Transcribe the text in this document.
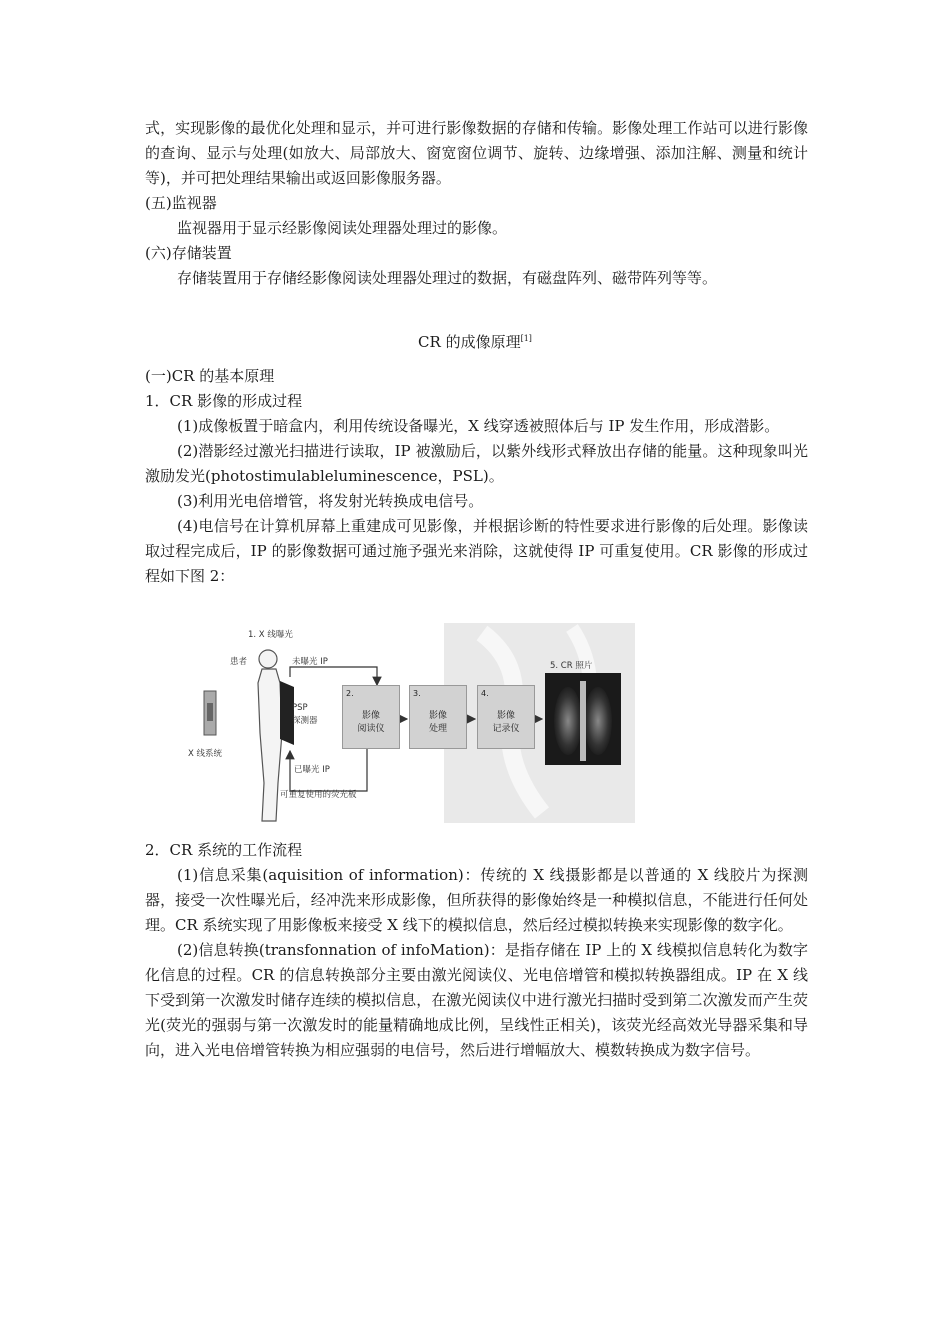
式，实现影像的最优化处理和显示，并可进行影像数据的存储和传输。影像处理工作站可以进行影像的查询、显示与处理(如放大、局部放大、窗宽窗位调节、旋转、边缘增强、添加注解、测量和统计等)，并可把处理结果输出或返回影像服务器。

(五)监视器

监视器用于显示经影像阅读处理器处理过的影像。

(六)存储装置

存储装置用于存储经影像阅读处理器处理过的数据，有磁盘阵列、磁带阵列等等。

CR 的成像原理[1]

(一)CR 的基本原理

1．CR 影像的形成过程

(1)成像板置于暗盒内，利用传统设备曝光，X 线穿透被照体后与 IP 发生作用，形成潜影。

(2)潜影经过激光扫描进行读取，IP 被激励后，以紫外线形式释放出存储的能量。这种现象叫光激励发光(photostimulableluminescence，PSL)。

(3)利用光电倍增管，将发射光转换成电信号。

(4)电信号在计算机屏幕上重建成可见影像，并根据诊断的特性要求进行影像的后处理。影像读取过程完成后，IP 的影像数据可通过施予强光来消除，这就使得 IP 可重复使用。CR 影像的形成过程如下图 2：

1. X 线曝光
患者	未曝光 IP
PSP
探测器
X 线系统
已曝光 IP
可重复使用的荧光板
2.
影像
阅读仪
3.
影像
处理
4.
影像
记录仪
5. CR 照片

2．CR 系统的工作流程

(1)信息采集(aquisition of information)：传统的 X 线摄影都是以普通的 X 线胶片为探测器，接受一次性曝光后，经冲洗来形成影像，但所获得的影像始终是一种模拟信息，不能进行任何处理。CR 系统实现了用影像板来接受 X 线下的模拟信息，然后经过模拟转换来实现影像的数字化。

(2)信息转换(transfonnation of infoMation)：是指存储在 IP 上的 X 线模拟信息转化为数字化信息的过程。CR 的信息转换部分主要由激光阅读仪、光电倍增管和模拟转换器组成。IP 在 X 线下受到第一次激发时储存连续的模拟信息，在激光阅读仪中进行激光扫描时受到第二次激发而产生荧光(荧光的强弱与第一次激发时的能量精确地成比例，呈线性正相关)，该荧光经高效光导器采集和导向，进入光电倍增管转换为相应强弱的电信号，然后进行增幅放大、模数转换成为数字信号。
